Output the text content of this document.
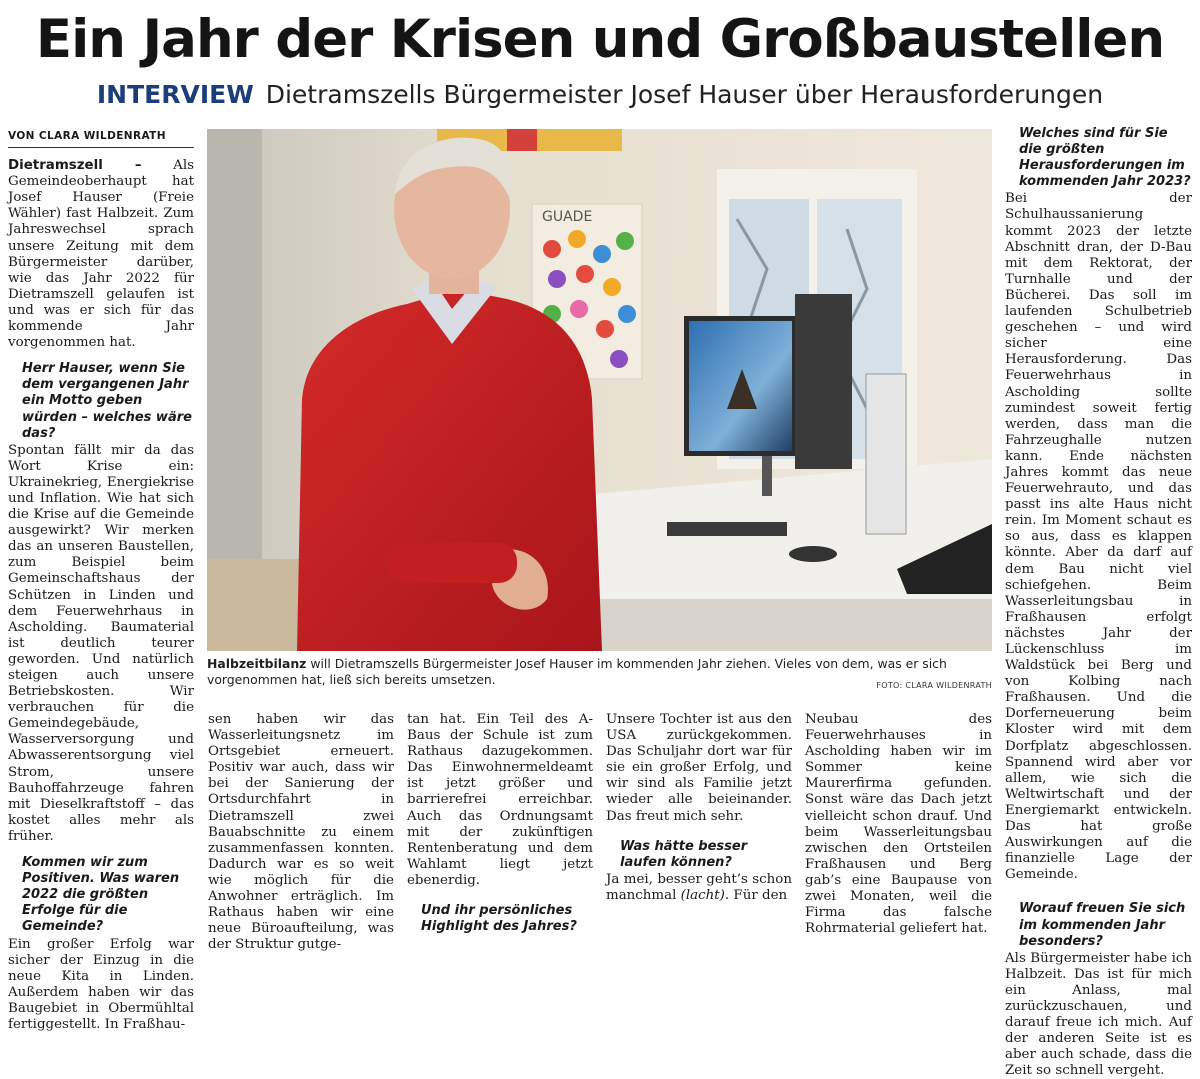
Ein Jahr der Krisen und Großbaustellen
INTERVIEW Dietramszells Bürgermeister Josef Hauser über Herausforderungen
VON CLARA WILDENRATH

Dietramszell – Als Gemeindeoberhaupt hat Josef Hauser (Freie Wähler) fast Halbzeit. Zum Jahreswechsel sprach unsere Zeitung mit dem Bürgermeister darüber, wie das Jahr 2022 für Dietramszell gelaufen ist und was er sich für das kommende Jahr vorgenommen hat.

Herr Hauser, wenn Sie dem vergangenen Jahr ein Motto geben würden – welches wäre das?

Spontan fällt mir da das Wort Krise ein: Ukrainekrieg, Energiekrise und Inflation. Wie hat sich die Krise auf die Gemeinde ausgewirkt? Wir merken das an unseren Baustellen, zum Beispiel beim Gemeinschaftshaus der Schützen in Linden und dem Feuerwehrhaus in Ascholding. Baumaterial ist deutlich teurer geworden. Und natürlich steigen auch unsere Betriebskosten. Wir verbrauchen für die Gemeindegebäude, Wasserversorgung und Abwasserentsorgung viel Strom, unsere Bauhoffahrzeuge fahren mit Dieselkraftstoff – das kostet alles mehr als früher.

Kommen wir zum Positiven. Was waren 2022 die größten Erfolge für die Gemeinde?

Ein großer Erfolg war sicher der Einzug in die neue Kita in Linden. Außerdem haben wir das Baugebiet in Obermühltal fertiggestellt. In Fraßhau-

GUADE
Halbzeitbilanz will Dietramszells Bürgermeister Josef Hauser im kommenden Jahr ziehen. Vieles von dem, was er sich vorgenommen hat, ließ sich bereits umsetzen.	FOTO: CLARA WILDENRATH

sen haben wir das Wasserleitungsnetz im Ortsgebiet erneuert. Positiv war auch, dass wir bei der Sanierung der Ortsdurchfahrt in Dietramszell zwei Bauabschnitte zu einem zusammenfassen konnten. Dadurch war es so weit wie möglich für die Anwohner erträglich. Im Rathaus haben wir eine neue Büroaufteilung, was der Struktur gutge-

tan hat. Ein Teil des A-Baus der Schule ist zum Rathaus dazugekommen. Das Einwohnermeldeamt ist jetzt größer und barrierefrei erreichbar. Auch das Ordnungsamt mit der zukünftigen Rentenberatung und dem Wahlamt liegt jetzt ebenerdig.

Und ihr persönliches Highlight des Jahres?

Unsere Tochter ist aus den USA zurückgekommen. Das Schuljahr dort war für sie ein großer Erfolg, und wir sind als Familie jetzt wieder alle beieinander. Das freut mich sehr.

Was hätte besser laufen können?

Ja mei, besser geht’s schon manchmal (lacht). Für den

Neubau des Feuerwehrhauses in Ascholding haben wir im Sommer keine Maurerfirma gefunden. Sonst wäre das Dach jetzt vielleicht schon drauf. Und beim Wasserleitungsbau zwischen den Ortsteilen Fraßhausen und Berg gab’s eine Baupause von zwei Monaten, weil die Firma das falsche Rohrmaterial geliefert hat.

Welches sind für Sie die größten Herausforderungen im kommenden Jahr 2023?

Bei der Schulhaussanierung kommt 2023 der letzte Abschnitt dran, der D-Bau mit dem Rektorat, der Turnhalle und der Bücherei. Das soll im laufenden Schulbetrieb geschehen – und wird sicher eine Herausforderung. Das Feuerwehrhaus in Ascholding sollte zumindest soweit fertig werden, dass man die Fahrzeughalle nutzen kann. Ende nächsten Jahres kommt das neue Feuerwehrauto, und das passt ins alte Haus nicht rein. Im Moment schaut es so aus, dass es klappen könnte. Aber da darf auf dem Bau nicht viel schiefgehen. Beim Wasserleitungsbau in Fraßhausen erfolgt nächstes Jahr der Lückenschluss im Waldstück bei Berg und von Kolbing nach Fraßhausen. Und die Dorferneuerung beim Kloster wird mit dem Dorfplatz abgeschlossen. Spannend wird aber vor allem, wie sich die Weltwirtschaft und der Energiemarkt entwickeln. Das hat große Auswirkungen auf die finanzielle Lage der Gemeinde.

Worauf freuen Sie sich im kommenden Jahr besonders?

Als Bürgermeister habe ich Halbzeit. Das ist für mich ein Anlass, mal zurückzuschauen, und darauf freue ich mich. Auf der anderen Seite ist es aber auch schade, dass die Zeit so schnell vergeht.
